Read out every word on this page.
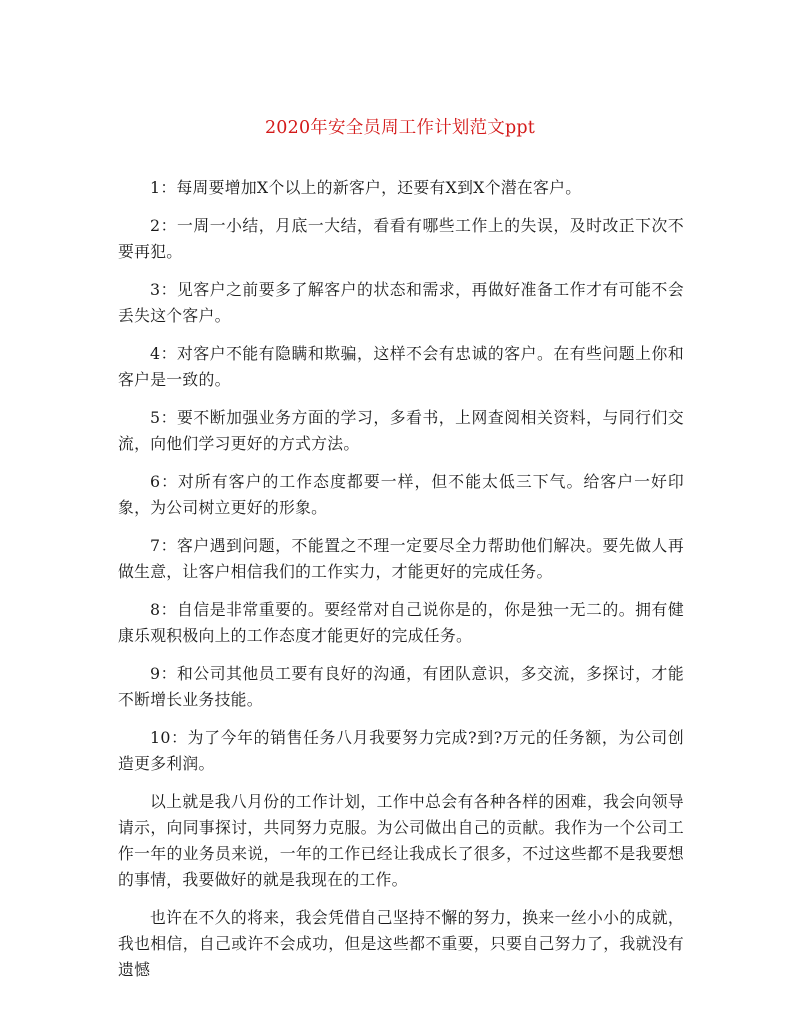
2020年安全员周工作计划范文ppt

1：每周要增加X个以上的新客户，还要有X到X个潜在客户。

2：一周一小结，月底一大结，看看有哪些工作上的失误，及时改正下次不要再犯。

3：见客户之前要多了解客户的状态和需求，再做好准备工作才有可能不会丢失这个客户。

4：对客户不能有隐瞒和欺骗，这样不会有忠诚的客户。在有些问题上你和客户是一致的。

5：要不断加强业务方面的学习，多看书，上网查阅相关资料，与同行们交流，向他们学习更好的方式方法。

6：对所有客户的工作态度都要一样，但不能太低三下气。给客户一好印象，为公司树立更好的形象。

7：客户遇到问题，不能置之不理一定要尽全力帮助他们解决。要先做人再做生意，让客户相信我们的工作实力，才能更好的完成任务。

8：自信是非常重要的。要经常对自己说你是的，你是独一无二的。拥有健康乐观积极向上的工作态度才能更好的完成任务。

9：和公司其他员工要有良好的沟通，有团队意识，多交流，多探讨，才能不断增长业务技能。

10：为了今年的销售任务八月我要努力完成?到?万元的任务额，为公司创造更多利润。

以上就是我八月份的工作计划，工作中总会有各种各样的困难，我会向领导请示，向同事探讨，共同努力克服。为公司做出自己的贡献。我作为一个公司工作一年的业务员来说，一年的工作已经让我成长了很多，不过这些都不是我要想的事情，我要做好的就是我现在的工作。

也许在不久的将来，我会凭借自己坚持不懈的努力，换来一丝小小的成就，我也相信，自己或许不会成功，但是这些都不重要，只要自己努力了，我就没有遗憾
